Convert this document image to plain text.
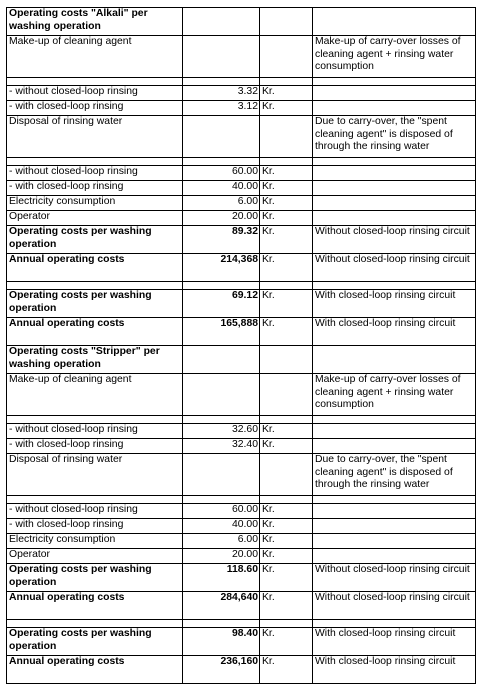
Operating costs "Alkali" per washing operation			
Make-up of cleaning agent			Make-up of carry-over losses of cleaning agent + rinsing water consumption

- without closed-loop rinsing	3.32	Kr.	
- with closed-loop rinsing	3.12	Kr.	
Disposal of rinsing water			Due to carry-over, the "spent cleaning agent" is disposed of through the rinsing water

- without closed-loop rinsing	60.00	Kr.	
- with closed-loop rinsing	40.00	Kr.	
Electricity consumption	6.00	Kr.	
Operator	20.00	Kr.	
Operating costs per washing operation	89.32	Kr.	Without closed-loop rinsing circuit
Annual operating costs	214,368	Kr.	Without closed-loop rinsing circuit

Operating costs per washing operation	69.12	Kr.	With closed-loop rinsing circuit
Annual operating costs	165,888	Kr.	With closed-loop rinsing circuit
Operating costs "Stripper" per washing operation			
Make-up of cleaning agent			Make-up of carry-over losses of cleaning agent + rinsing water consumption

- without closed-loop rinsing	32.60	Kr.	
- with closed-loop rinsing	32.40	Kr.	
Disposal of rinsing water			Due to carry-over, the "spent cleaning agent" is disposed of through the rinsing water

- without closed-loop rinsing	60.00	Kr.	
- with closed-loop rinsing	40.00	Kr.	
Electricity consumption	6.00	Kr.	
Operator	20.00	Kr.	
Operating costs per washing operation	118.60	Kr.	Without closed-loop rinsing circuit
Annual operating costs	284,640	Kr.	Without closed-loop rinsing circuit

Operating costs per washing operation	98.40	Kr.	With closed-loop rinsing circuit
Annual operating costs	236,160	Kr.	With closed-loop rinsing circuit
